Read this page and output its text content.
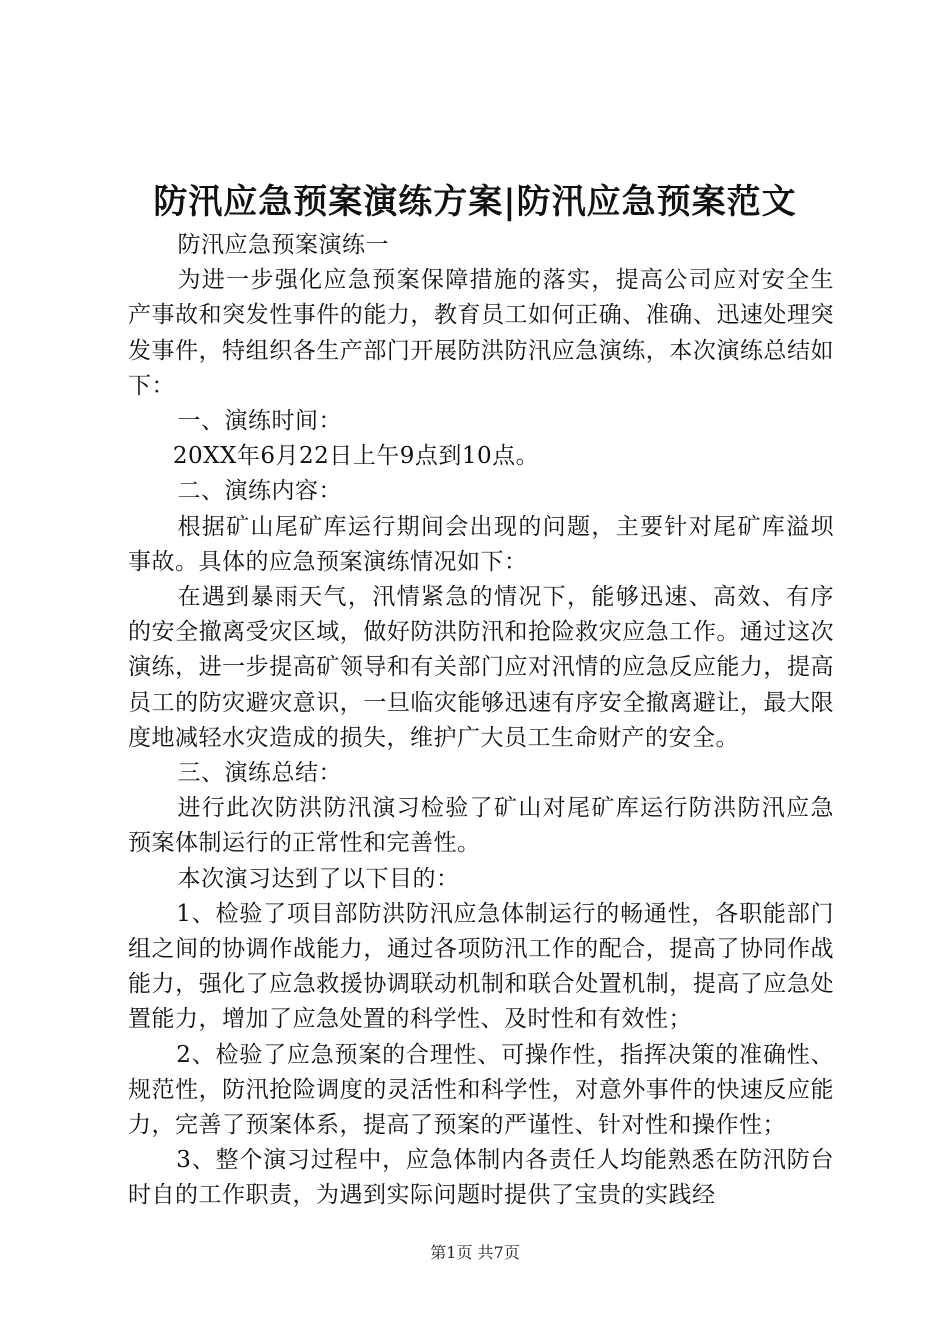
防汛应急预案演练方案|防汛应急预案范文

防汛应急预案演练一

为进一步强化应急预案保障措施的落实，提高公司应对安全生产事故和突发性事件的能力，教育员工如何正确、准确、迅速处理突发事件，特组织各生产部门开展防洪防汛应急演练，本次演练总结如下：

一、演练时间：

20XX年6月22日上午9点到10点。

二、演练内容：

根据矿山尾矿库运行期间会出现的问题，主要针对尾矿库溢坝事故。具体的应急预案演练情况如下：

在遇到暴雨天气，汛情紧急的情况下，能够迅速、高效、有序的安全撤离受灾区域，做好防洪防汛和抢险救灾应急工作。通过这次演练，进一步提高矿领导和有关部门应对汛情的应急反应能力，提高员工的防灾避灾意识，一旦临灾能够迅速有序安全撤离避让，最大限度地减轻水灾造成的损失，维护广大员工生命财产的安全。

三、演练总结：

进行此次防洪防汛演习检验了矿山对尾矿库运行防洪防汛应急预案体制运行的正常性和完善性。

本次演习达到了以下目的：

1、检验了项目部防洪防汛应急体制运行的畅通性，各职能部门组之间的协调作战能力，通过各项防汛工作的配合，提高了协同作战能力，强化了应急救援协调联动机制和联合处置机制，提高了应急处置能力，增加了应急处置的科学性、及时性和有效性；

2、检验了应急预案的合理性、可操作性，指挥决策的准确性、规范性，防汛抢险调度的灵活性和科学性，对意外事件的快速反应能力，完善了预案体系，提高了预案的严谨性、针对性和操作性；

3、整个演习过程中，应急体制内各责任人均能熟悉在防汛防台时自的工作职责，为遇到实际问题时提供了宝贵的实践经

第1页 共7页
